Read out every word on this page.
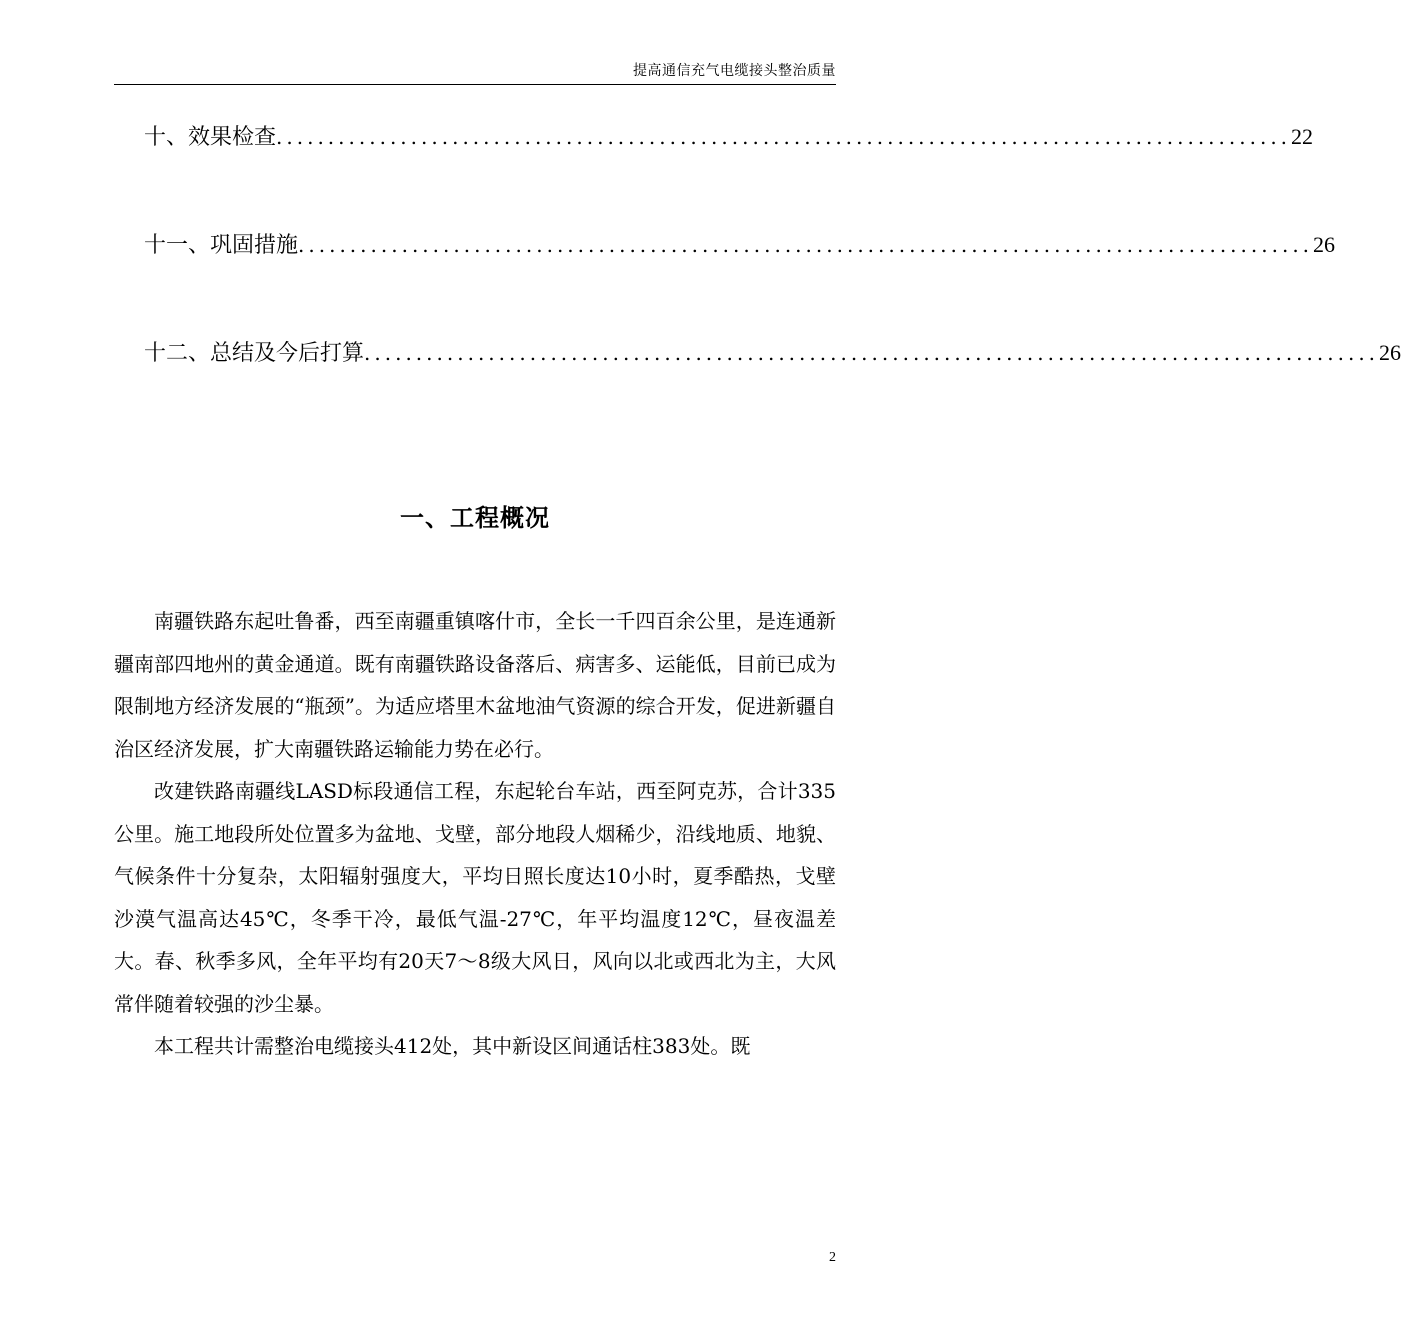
提高通信充气电缆接头整治质量
十、效果检查 .................................................................................................. 22
十一、巩固措施 .................................................................................................. 26
十二、总结及今后打算 .................................................................................................. 26
一、工程概况

南疆铁路东起吐鲁番，西至南疆重镇喀什市，全长一千四百余公里，是连通新疆南部四地州的黄金通道。既有南疆铁路设备落后、病害多、运能低，目前已成为限制地方经济发展的“瓶颈”。为适应塔里木盆地油气资源的综合开发，促进新疆自治区经济发展，扩大南疆铁路运输能力势在必行。

改建铁路南疆线LASD标段通信工程，东起轮台车站，西至阿克苏，合计335公里。施工地段所处位置多为盆地、戈壁，部分地段人烟稀少，沿线地质、地貌、气候条件十分复杂，太阳辐射强度大，平均日照长度达10小时，夏季酷热，戈壁沙漠气温高达45℃，冬季干冷，最低气温-27℃，年平均温度12℃，昼夜温差大。春、秋季多风，全年平均有20天7～8级大风日，风向以北或西北为主，大风常伴随着较强的沙尘暴。

本工程共计需整治电缆接头412处，其中新设区间通话柱383处。既

2
